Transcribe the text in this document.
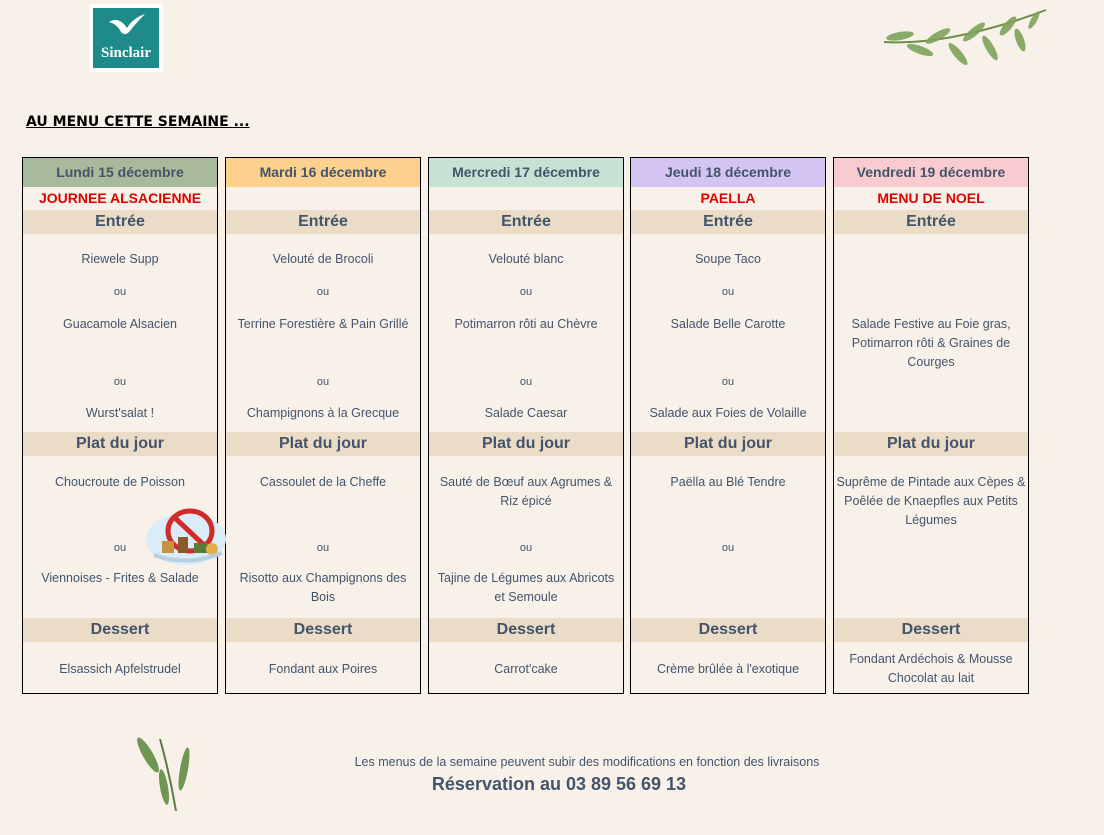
Sinclair
AU MENU CETTE SEMAINE ...
Lundi 15 décembre
JOURNEE ALSACIENNE
Entrée
Riewele Supp
ou
Guacamole Alsacien
ou
Wurst'salat !
Plat du jour
Choucroute de Poisson
ou
Viennoises - Frites & Salade
Dessert
Elsassich Apfelstrudel
Mardi 16 décembre
Entrée
Velouté de Brocoli
ou
Terrine Forestière & Pain Grillé
ou
Champignons à la Grecque
Plat du jour
Cassoulet de la Cheffe
ou
Risotto aux Champignons des Bois
Dessert
Fondant aux Poires
Mercredi 17 décembre
Entrée
Velouté blanc
ou
Potimarron rôti au Chèvre
ou
Salade Caesar
Plat du jour
Sauté de Bœuf aux Agrumes & Riz épicé
ou
Tajine de Légumes aux Abricots et Semoule
Dessert
Carrot'cake
Jeudi 18 décembre
PAELLA
Entrée
Soupe Taco
ou
Salade Belle Carotte
ou
Salade aux Foies de Volaille
Plat du jour
Paëlla au Blé Tendre
ou
Dessert
Crème brûlée à l'exotique
Vendredi 19 décembre
MENU DE NOEL
Entrée
Salade Festive au Foie gras, Potimarron rôti & Graines de Courges
Plat du jour
Suprême de Pintade aux Cèpes & Poêlée de Knaepfles aux Petits Légumes
Dessert
Fondant Ardéchois & Mousse Chocolat au lait
Les menus de la semaine peuvent subir des modifications en fonction des livraisons
Réservation au 03 89 56 69 13
